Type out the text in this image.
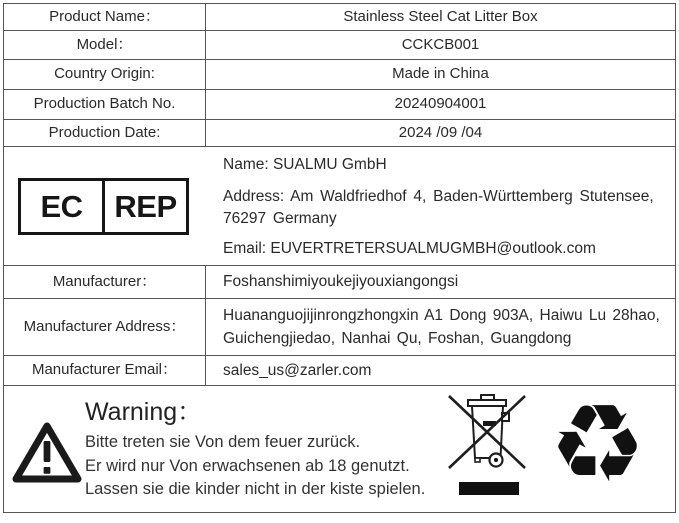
Product Name：	Stainless Steel Cat Litter Box
Model：	CCKCB001
Country Origin:	Made in China
Production Batch No.	20240904001
Production Date:	2024 /09 /04
EC	REP
Name: SUALMU GmbH
Address: Am Waldfriedhof 4, Baden-Württemberg Stutensee,
76297 Germany
Email: EUVERTRETERSUALMUGMBH@outlook.com
Manufacturer：	Foshanshimiyoukejiyouxiangongsi
Manufacturer Address：
Huananguojijinrongzhongxin A1 Dong 903A, Haiwu Lu 28hao,
Guichengjiedao, Nanhai Qu, Foshan, Guangdong
Manufacturer Email：	sales_us@zarler.com
Warning：
Bitte treten sie Von dem feuer zurück.
Er wird nur Von erwachsenen ab 18 genutzt.
Lassen sie die kinder nicht in der kiste spielen. ♻
